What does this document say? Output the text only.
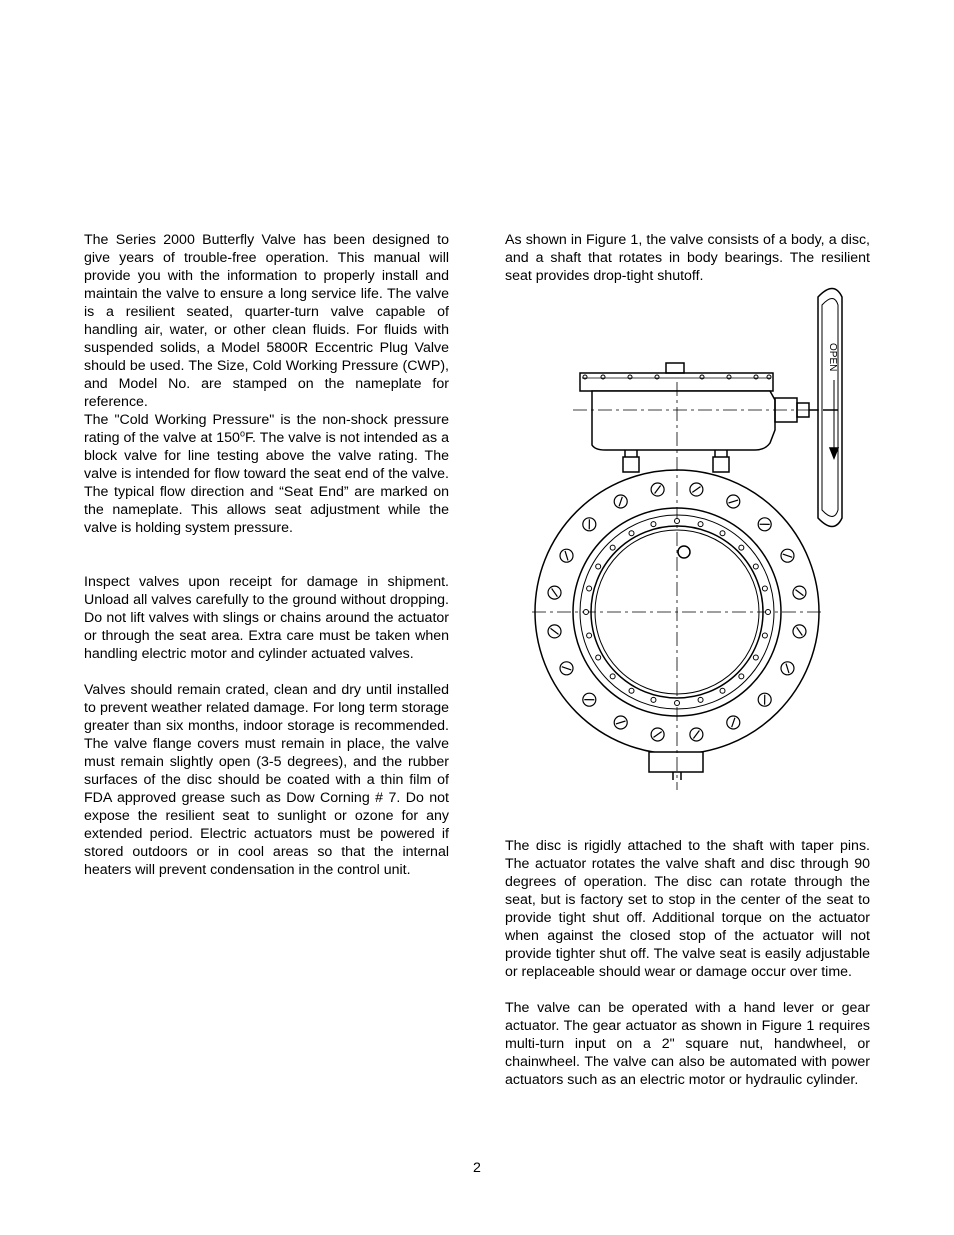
The Series 2000 Butterfly Valve has been designed to give years of trouble-free operation. This manual will provide you with the information to properly install and maintain the valve to ensure a long service life. The valve is a resilient seated, quarter-turn valve capable of handling air, water, or other clean fluids. For fluids with suspended solids, a Model 5800R Eccentric Plug Valve should be used. The Size, Cold Working Pressure (CWP), and Model No. are stamped on the nameplate for reference.

The "Cold Working Pressure" is the non-shock pressure rating of the valve at 150$^o$F. The valve is not intended as a block valve for line testing above the valve rating. The valve is intended for flow toward the seat end of the valve. The typical flow direction and “Seat End” are marked on the nameplate. This allows seat adjustment while the valve is holding system pressure.

Inspect valves upon receipt for damage in shipment. Unload all valves carefully to the ground without dropping. Do not lift valves with slings or chains around the actuator or through the seat area. Extra care must be taken when handling electric motor and cylinder actuated valves.

Valves should remain crated, clean and dry until installed to prevent weather related damage. For long term storage greater than six months, indoor storage is recommended. The valve flange covers must remain in place, the valve must remain slightly open (3-5 degrees), and the rubber surfaces of the disc should be coated with a thin film of FDA approved grease such as Dow Corning # 7. Do not expose the resilient seat to sunlight or ozone for any extended period. Electric actuators must be powered if stored outdoors or in cool areas so that the internal heaters will prevent condensation in the control unit.

As shown in Figure 1, the valve consists of a body, a disc, and a shaft that rotates in body bearings. The resilient seat provides drop-tight shutoff.

OPEN

The disc is rigidly attached to the shaft with taper pins. The actuator rotates the valve shaft and disc through 90 degrees of operation. The disc can rotate through the seat, but is factory set to stop in the center of the seat to provide tight shut off. Additional torque on the actuator when against the closed stop of the actuator will not provide tighter shut off. The valve seat is easily adjustable or replaceable should wear or damage occur over time.

The valve can be operated with a hand lever or gear actuator. The gear actuator as shown in Figure 1 requires multi-turn input on a 2" square nut, handwheel, or chainwheel. The valve can also be automated with power actuators such as an electric motor or hydraulic cylinder.

2
